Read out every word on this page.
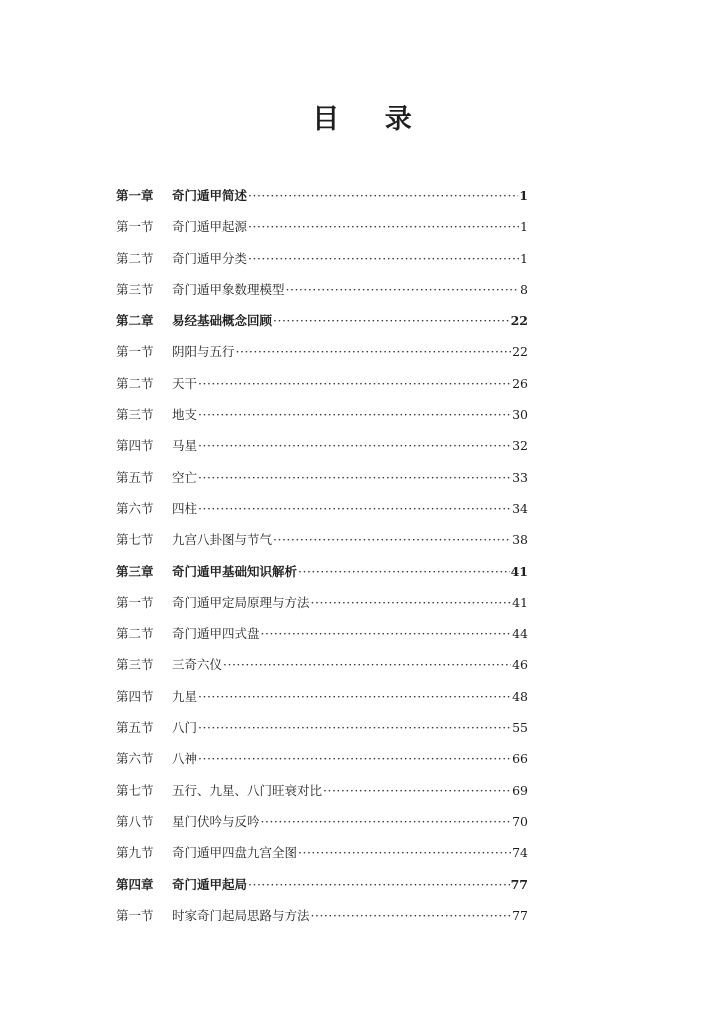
目 录
第一章	奇门遁甲简述 ·····	1
第一节	奇门遁甲起源 ·····	1
第二节	奇门遁甲分类 ·····	1
第三节	奇门遁甲象数理模型 ·····	8
第二章	易经基础概念回顾 ·····	22
第一节	阴阳与五行 ·····	22
第二节	天干 ·····	26
第三节	地支 ·····	30
第四节	马星 ·····	32
第五节	空亡 ·····	33
第六节	四柱 ·····	34
第七节	九宫八卦图与节气 ·····	38
第三章	奇门遁甲基础知识解析 ·····	41
第一节	奇门遁甲定局原理与方法 ·····	41
第二节	奇门遁甲四式盘 ·····	44
第三节	三奇六仪 ·····	46
第四节	九星 ·····	48
第五节	八门 ·····	55
第六节	八神 ·····	66
第七节	五行、九星、八门旺衰对比 ·····	69
第八节	星门伏吟与反吟 ·····	70
第九节	奇门遁甲四盘九宫全图 ·····	74
第四章	奇门遁甲起局 ·····	77
第一节	时家奇门起局思路与方法 ·····	77
